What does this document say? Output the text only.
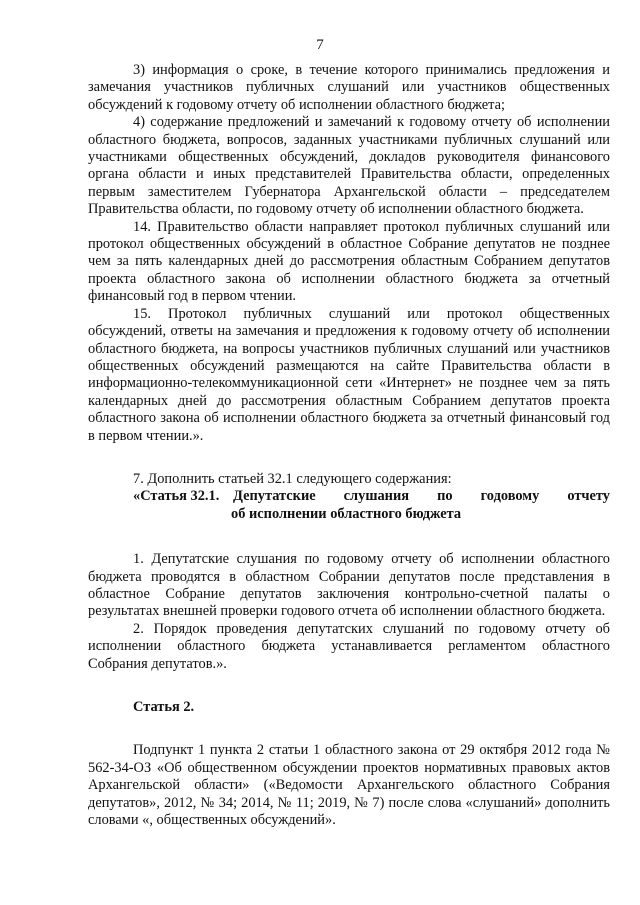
7

3) информация о сроке, в течение которого принимались предложения и замечания участников публичных слушаний или участников общественных обсуждений к годовому отчету об исполнении областного бюджета;

4) содержание предложений и замечаний к годовому отчету об исполнении областного бюджета, вопросов, заданных участниками публичных слушаний или участниками общественных обсуждений, докладов руководителя финансового органа области и иных представителей Правительства области, определенных первым заместителем Губернатора Архангельской области – председателем Правительства области, по годовому отчету об исполнении областного бюджета.

14. Правительство области направляет протокол публичных слушаний или протокол общественных обсуждений в областное Собрание депутатов не позднее чем за пять календарных дней до рассмотрения областным Собранием депутатов проекта областного закона об исполнении областного бюджета за отчетный финансовый год в первом чтении.

15. Протокол публичных слушаний или протокол общественных обсуждений, ответы на замечания и предложения к годовому отчету об исполнении областного бюджета, на вопросы участников публичных слушаний или участников общественных обсуждений размещаются на сайте Правительства области в информационно-телекоммуникационной сети «Интернет» не позднее чем за пять календарных дней до рассмотрения областным Собранием депутатов проекта областного закона об исполнении областного бюджета за отчетный финансовый год в первом чтении.».

7. Дополнить статьей 32.1 следующего содержания:

«Статья 32.1. Депутатские слушания по годовому отчету

об исполнении областного бюджета

1. Депутатские слушания по годовому отчету об исполнении областного бюджета проводятся в областном Собрании депутатов после представления в областное Собрание депутатов заключения контрольно-счетной палаты о результатах внешней проверки годового отчета об исполнении областного бюджета.

2. Порядок проведения депутатских слушаний по годовому отчету об исполнении областного бюджета устанавливается регламентом областного Собрания депутатов.».

Статья 2.

Подпункт 1 пункта 2 статьи 1 областного закона от 29 октября 2012 года № 562-34-ОЗ «Об общественном обсуждении проектов нормативных правовых актов Архангельской области» («Ведомости Архангельского областного Собрания депутатов», 2012, № 34; 2014, № 11; 2019, № 7) после слова «слушаний» дополнить словами «, общественных обсуждений».
